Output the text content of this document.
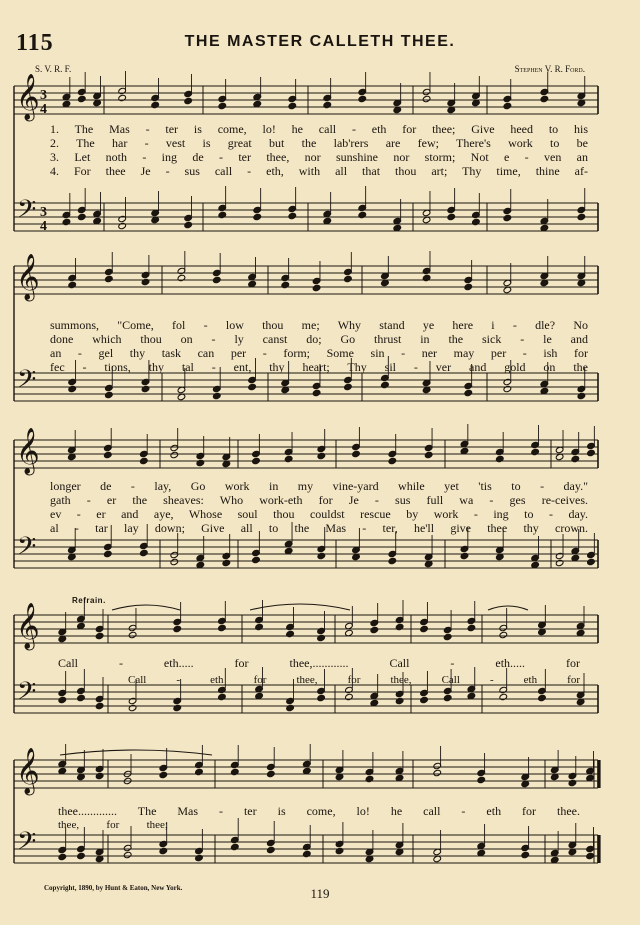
115	THE MASTER CALLETH THEE.
S. V. R. F.	Stephen V. R. Ford.
Refrain.
𝄞
𝄢
3
4
3
4
𝄞
𝄢
𝄞
𝄢
𝄞
𝄢
𝄞
𝄢
1. The Mas - ter is come, lo! he call - eth for thee; Give heed to his
2. The har - vest is great but the lab'rers are few; There's work to be
3. Let noth - ing de - ter thee, nor sunshine nor storm; Not e - ven an
4. For thee Je - sus call - eth, with all that thou art; Thy time, thine af-
summons, "Come, fol - low thou me; Why stand ye here i - dle? No
done which thou on - ly canst do; Go thrust in the sick - le and
an - gel thy task can per - form; Some sin - ner may per - ish for
fec - tions, thy tal - ent, thy heart; Thy sil - ver and gold on the
longer de - lay, Go work in my vine-yard while yet 'tis to - day."
gath - er the sheaves: Who work-eth for Je - sus full wa - ges re-ceives.
ev - er and aye, Whose soul thou couldst rescue by work - ing to - day.
al - tar lay down; Give all to the Mas - ter, he'll give thee thy crown.
Call - eth..... for thee,............ Call - eth..... for
Call - eth for thee, for thee, Call - eth for
thee............. The Mas - ter is come, lo! he call - eth for thee.
thee, for thee;
Copyright, 1890, by Hunt & Eaton, New York.	119
